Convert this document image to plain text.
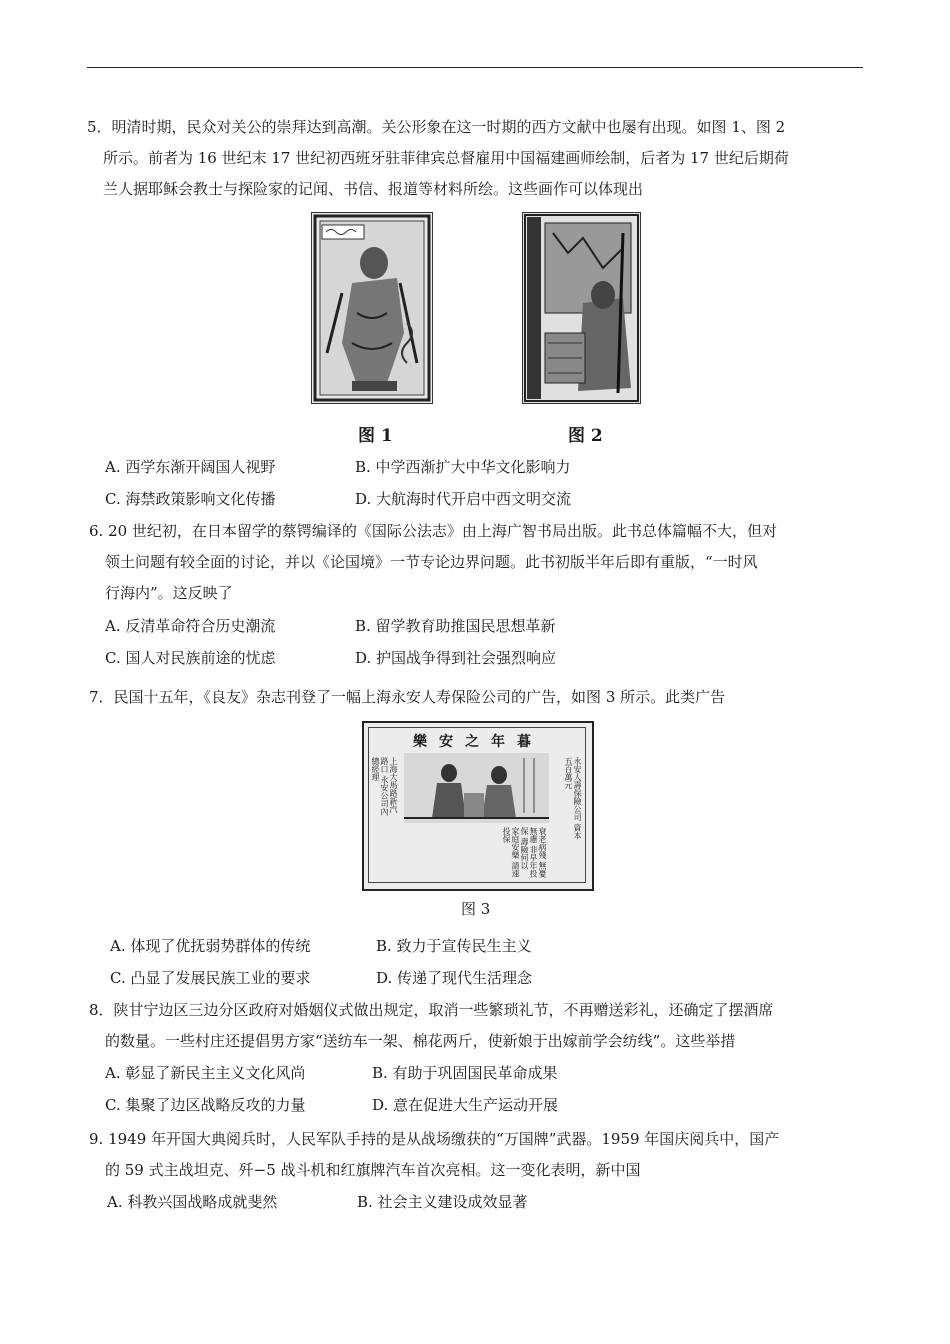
5．明清时期，民众对关公的崇拜达到高潮。关公形象在这一时期的西方文献中也屡有出现。如图 1、图 2

所示。前者为 16 世纪末 17 世纪初西班牙驻菲律宾总督雇用中国福建画师绘制，后者为 17 世纪后期荷

兰人据耶稣会教士与探险家的记闻、书信、报道等材料所绘。这些画作可以体现出

图 1	图 2
A. 西学东渐开阔国人视野	B. 中学西渐扩大中华文化影响力
C. 海禁政策影响文化传播	D. 大航海时代开启中西文明交流

6. 20 世纪初，在日本留学的蔡锷编译的《国际公法志》由上海广智书局出版。此书总体篇幅不大，但对

领土问题有较全面的讨论，并以《论国境》一节专论边界问题。此书初版半年后即有重版，“一时风

行海内”。这反映了

A. 反清革命符合历史潮流	B. 留学教育助推国民思想革新
C. 国人对民族前途的忧虑	D. 护国战争得到社会强烈响应

7．民国十五年，《良友》杂志刊登了一幅上海永安人寿保险公司的广告，如图 3 所示。此类广告

樂安之年暮
永安人壽保險公司 資本五百萬元
上海大馬路新汽路口 永安公司內 總經理
衰老病殘 無憂無慮 非早年投保 壽險何以 家庭安樂 請速投保
图 3
A. 体现了优抚弱势群体的传统	B. 致力于宣传民生主义
C. 凸显了发展民族工业的要求	D. 传递了现代生活理念

8．陕甘宁边区三边分区政府对婚姻仪式做出规定，取消一些繁琐礼节，不再赠送彩礼，还确定了摆酒席

的数量。一些村庄还提倡男方家“送纺车一架、棉花两斤，使新娘于出嫁前学会纺线”。这些举措

A. 彰显了新民主主义文化风尚	B. 有助于巩固国民革命成果
C. 集聚了边区战略反攻的力量	D. 意在促进大生产运动开展

9. 1949 年开国大典阅兵时，人民军队手持的是从战场缴获的“万国牌”武器。1959 年国庆阅兵中，国产

的 59 式主战坦克、歼−5 战斗机和红旗牌汽车首次亮相。这一变化表明，新中国

A. 科教兴国战略成就斐然	B. 社会主义建设成效显著
